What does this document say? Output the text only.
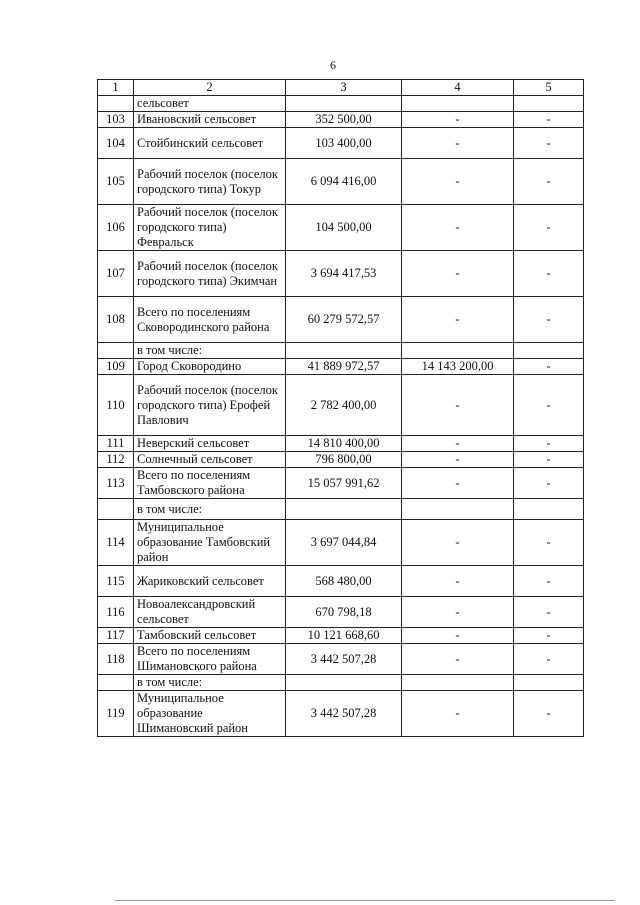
6
1	2	3	4	5
	сельсовет			
103	Ивановский сельсовет	352 500,00	-	-
104	Стойбинский сельсовет	103 400,00	-	-
105	Рабочий поселок (поселок городского типа) Токур	6 094 416,00	-	-
106	Рабочий поселок (поселок городского типа) Февральск	104 500,00	-	-
107	Рабочий поселок (поселок городского типа) Экимчан	3 694 417,53	-	-
108	Всего по поселениям Сковородинского района	60 279 572,57	-	-
	в том числе:			
109	Город Сковородино	41 889 972,57	14 143 200,00	-
110	Рабочий поселок (поселок городского типа) Ерофей Павлович	2 782 400,00	-	-
111	Неверский сельсовет	14 810 400,00	-	-
112	Солнечный сельсовет	796 800,00	-	-
113	Всего по поселениям Тамбовского района	15 057 991,62	-	-
	в том числе:			
114	Муниципальное образование Тамбовский район	3 697 044,84	-	-
115	Жариковский сельсовет	568 480,00	-	-
116	Новоалександровский сельсовет	670 798,18	-	-
117	Тамбовский сельсовет	10 121 668,60	-	-
118	Всего по поселениям Шимановского района	3 442 507,28	-	-
	в том числе:			
119	Муниципальное образование Шимановский район	3 442 507,28	-	-
